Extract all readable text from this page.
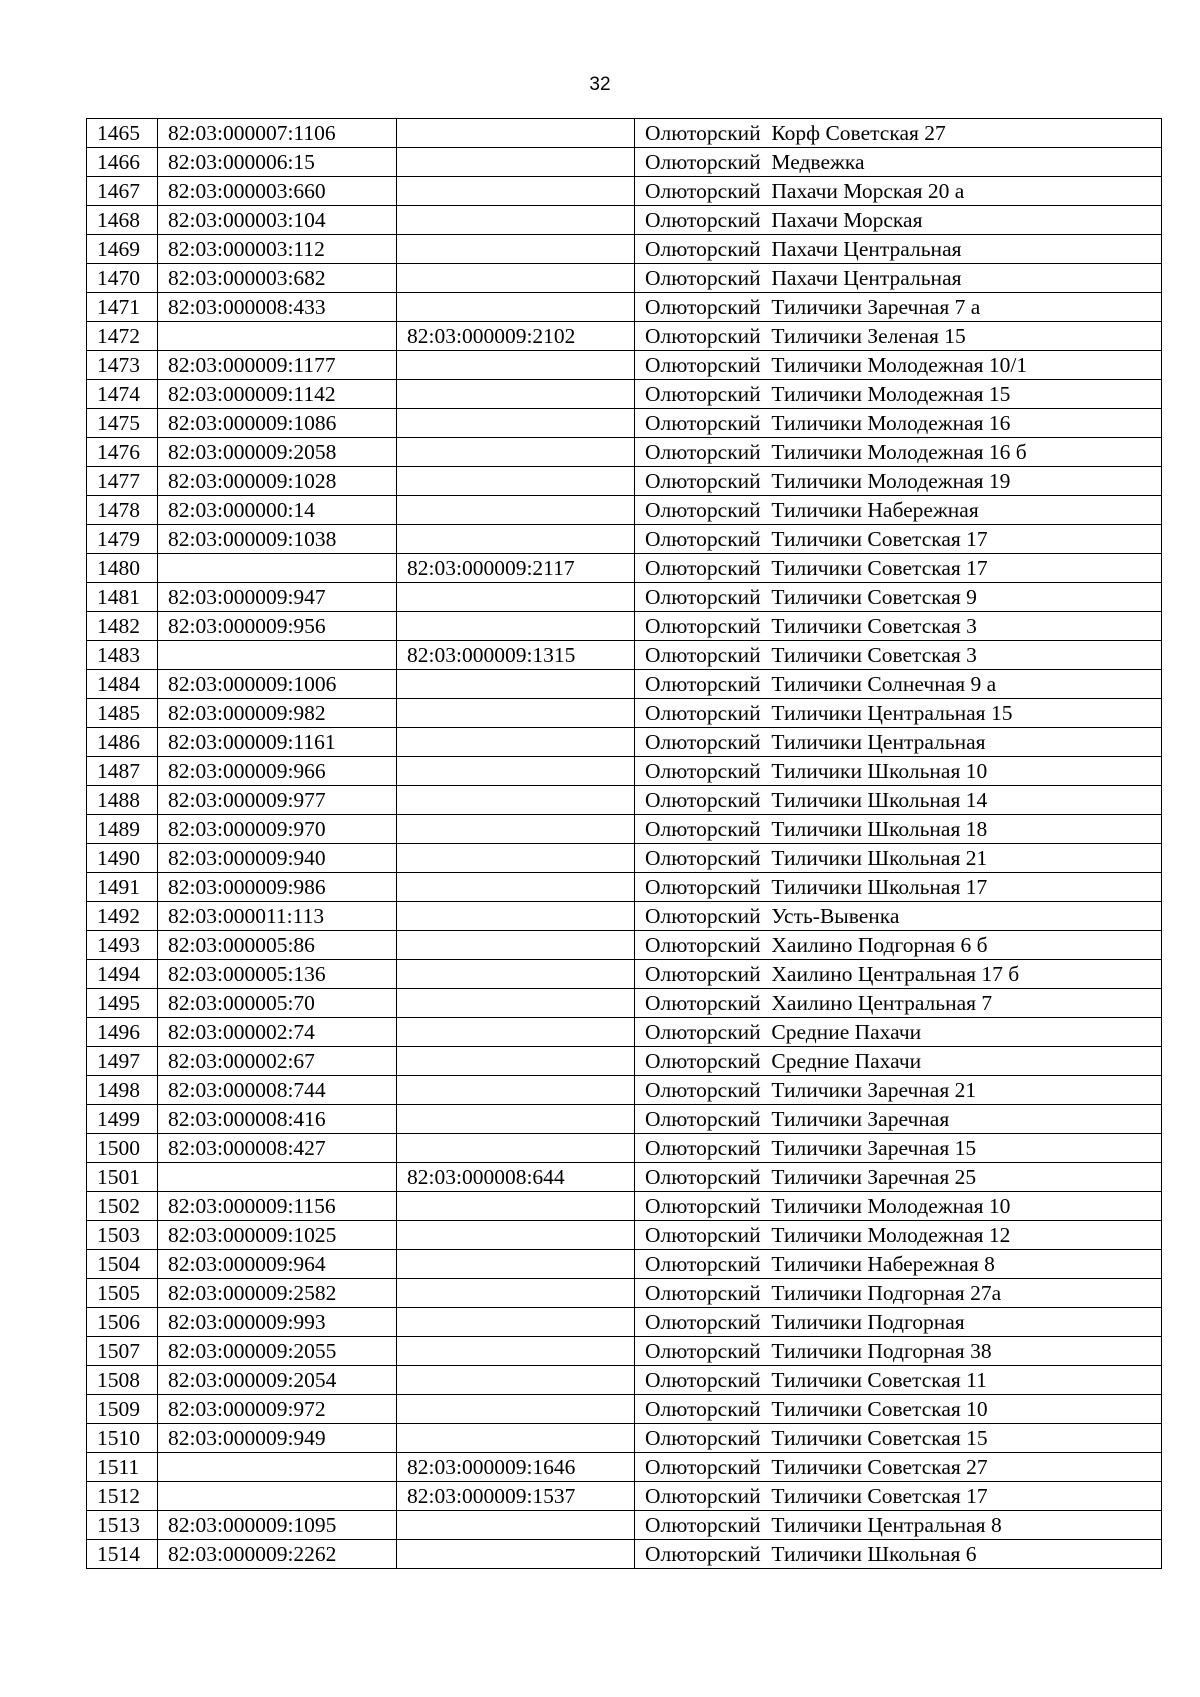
32
1465	82:03:000007:1106		Олюторский  Корф Советская 27
1466	82:03:000006:15		Олюторский  Медвежка
1467	82:03:000003:660		Олюторский  Пахачи Морская 20 а
1468	82:03:000003:104		Олюторский  Пахачи Морская
1469	82:03:000003:112		Олюторский  Пахачи Центральная
1470	82:03:000003:682		Олюторский  Пахачи Центральная
1471	82:03:000008:433		Олюторский  Тиличики Заречная 7 а
1472		82:03:000009:2102	Олюторский  Тиличики Зеленая 15
1473	82:03:000009:1177		Олюторский  Тиличики Молодежная 10/1
1474	82:03:000009:1142		Олюторский  Тиличики Молодежная 15
1475	82:03:000009:1086		Олюторский  Тиличики Молодежная 16
1476	82:03:000009:2058		Олюторский  Тиличики Молодежная 16 б
1477	82:03:000009:1028		Олюторский  Тиличики Молодежная 19
1478	82:03:000000:14		Олюторский  Тиличики Набережная
1479	82:03:000009:1038		Олюторский  Тиличики Советская 17
1480		82:03:000009:2117	Олюторский  Тиличики Советская 17
1481	82:03:000009:947		Олюторский  Тиличики Советская 9
1482	82:03:000009:956		Олюторский  Тиличики Советская 3
1483		82:03:000009:1315	Олюторский  Тиличики Советская 3
1484	82:03:000009:1006		Олюторский  Тиличики Солнечная 9 а
1485	82:03:000009:982		Олюторский  Тиличики Центральная 15
1486	82:03:000009:1161		Олюторский  Тиличики Центральная
1487	82:03:000009:966		Олюторский  Тиличики Школьная 10
1488	82:03:000009:977		Олюторский  Тиличики Школьная 14
1489	82:03:000009:970		Олюторский  Тиличики Школьная 18
1490	82:03:000009:940		Олюторский  Тиличики Школьная 21
1491	82:03:000009:986		Олюторский  Тиличики Школьная 17
1492	82:03:000011:113		Олюторский  Усть-Вывенка
1493	82:03:000005:86		Олюторский  Хаилино Подгорная 6 б
1494	82:03:000005:136		Олюторский  Хаилино Центральная 17 б
1495	82:03:000005:70		Олюторский  Хаилино Центральная 7
1496	82:03:000002:74		Олюторский  Средние Пахачи
1497	82:03:000002:67		Олюторский  Средние Пахачи
1498	82:03:000008:744		Олюторский  Тиличики Заречная 21
1499	82:03:000008:416		Олюторский  Тиличики Заречная
1500	82:03:000008:427		Олюторский  Тиличики Заречная 15
1501		82:03:000008:644	Олюторский  Тиличики Заречная 25
1502	82:03:000009:1156		Олюторский  Тиличики Молодежная 10
1503	82:03:000009:1025		Олюторский  Тиличики Молодежная 12
1504	82:03:000009:964		Олюторский  Тиличики Набережная 8
1505	82:03:000009:2582		Олюторский  Тиличики Подгорная 27а
1506	82:03:000009:993		Олюторский  Тиличики Подгорная
1507	82:03:000009:2055		Олюторский  Тиличики Подгорная 38
1508	82:03:000009:2054		Олюторский  Тиличики Советская 11
1509	82:03:000009:972		Олюторский  Тиличики Советская 10
1510	82:03:000009:949		Олюторский  Тиличики Советская 15
1511		82:03:000009:1646	Олюторский  Тиличики Советская 27
1512		82:03:000009:1537	Олюторский  Тиличики Советская 17
1513	82:03:000009:1095		Олюторский  Тиличики Центральная 8
1514	82:03:000009:2262		Олюторский  Тиличики Школьная 6
